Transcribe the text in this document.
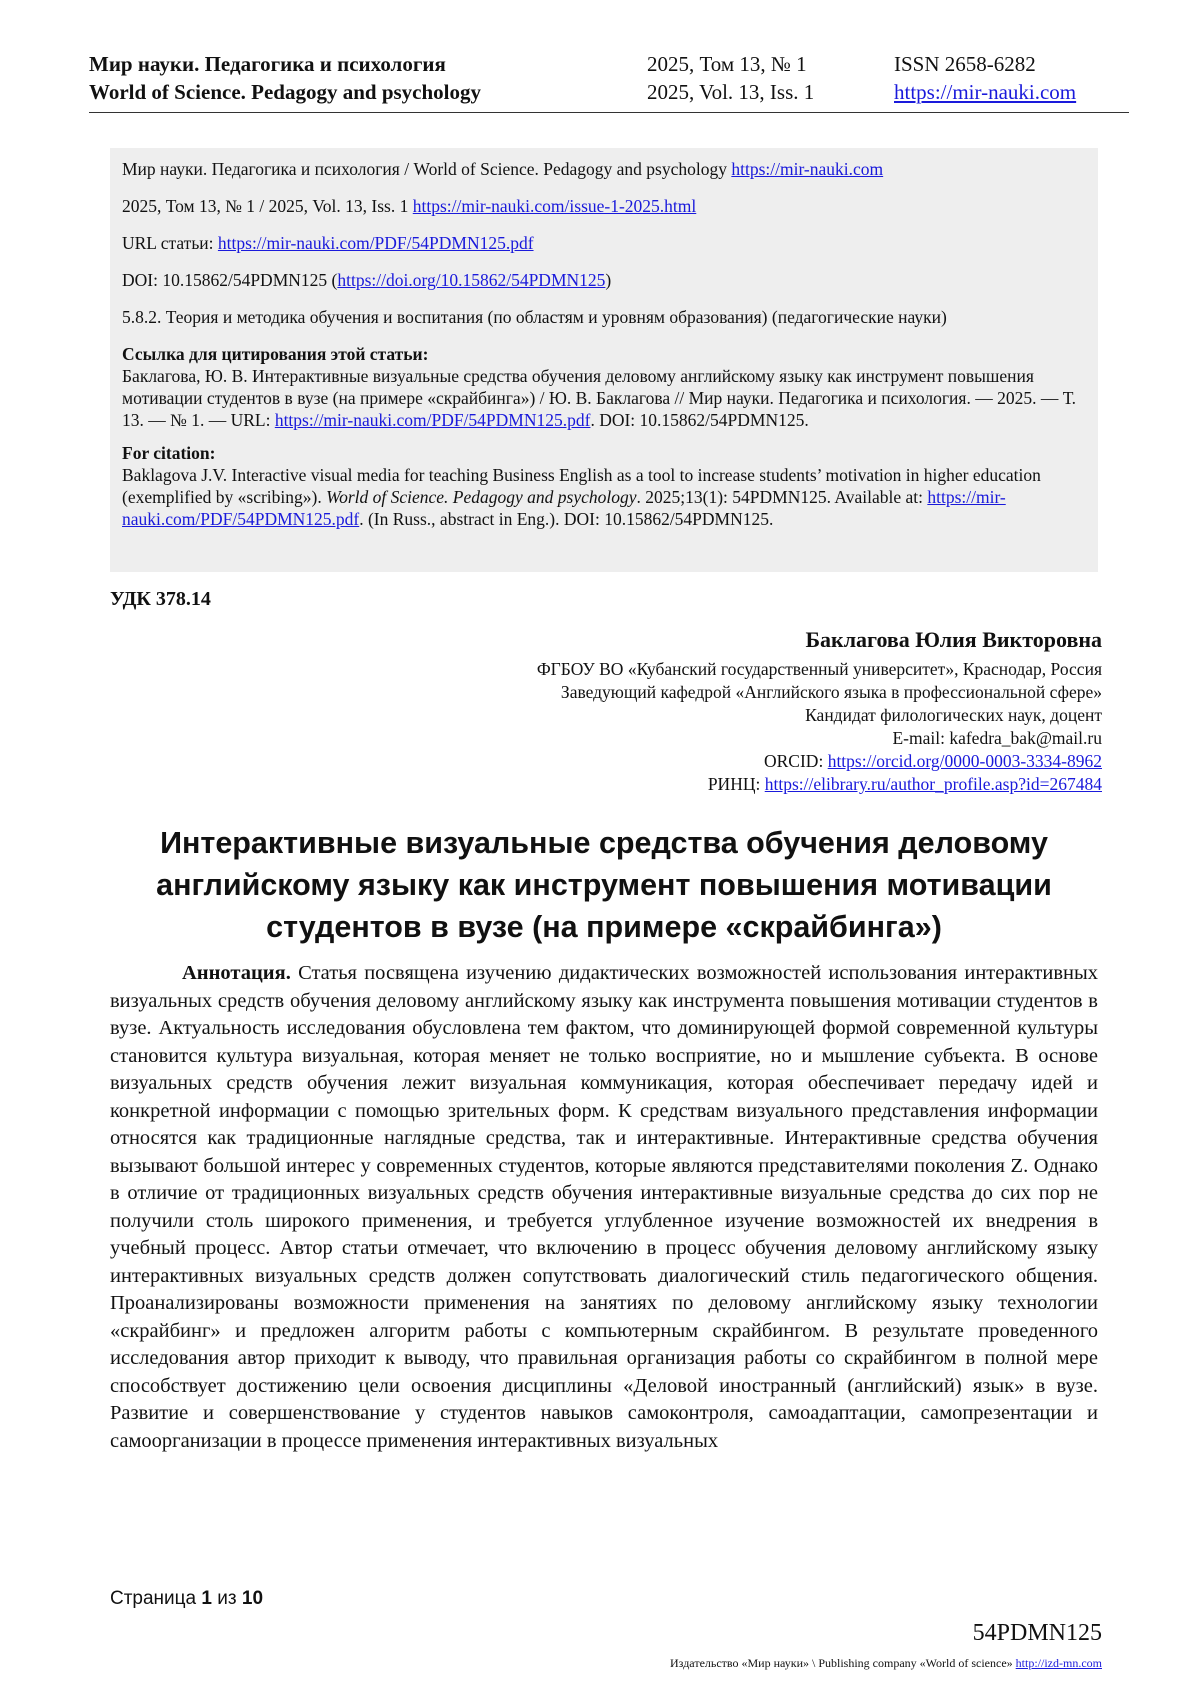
Мир науки. Педагогика и психология
World of Science. Pedagogy and psychology
2025, Том 13, № 1
2025, Vol. 13, Iss. 1
ISSN 2658-6282
https://mir-nauki.com

Мир науки. Педагогика и психология / World of Science. Pedagogy and psychology https://mir-nauki.com

2025, Том 13, № 1 / 2025, Vol. 13, Iss. 1 https://mir-nauki.com/issue-1-2025.html

URL статьи: https://mir-nauki.com/PDF/54PDMN125.pdf

DOI: 10.15862/54PDMN125 (https://doi.org/10.15862/54PDMN125)

5.8.2. Теория и методика обучения и воспитания (по областям и уровням образования) (педагогические науки)

Ссылка для цитирования этой статьи:
Баклагова, Ю. В. Интерактивные визуальные средства обучения деловому английскому языку как инструмент повышения мотивации студентов в вузе (на примере «скрайбинга») / Ю. В. Баклагова // Мир науки. Педагогика и психология. — 2025. — Т. 13. — № 1. — URL: https://mir-nauki.com/PDF/54PDMN125.pdf. DOI: 10.15862/54PDMN125.

For citation:
Baklagova J.V. Interactive visual media for teaching Business English as a tool to increase students’ motivation in higher education (exemplified by «scribing»). World of Science. Pedagogy and psychology. 2025;13(1): 54PDMN125. Available at: https://mir-nauki.com/PDF/54PDMN125.pdf. (In Russ., abstract in Eng.). DOI: 10.15862/54PDMN125.

УДК 378.14
Баклагова Юлия Викторовна
ФГБОУ ВО «Кубанский государственный университет», Краснодар, Россия
Заведующий кафедрой «Английского языка в профессиональной сфере»
Кандидат филологических наук, доцент
E-mail: kafedra_bak@mail.ru
ORCID: https://orcid.org/0000-0003-3334-8962
РИНЦ: https://elibrary.ru/author_profile.asp?id=267484
Интерактивные визуальные средства обучения деловому английскому языку как инструмент повышения мотивации студентов в вузе (на примере «скрайбинга»)
Аннотация. Статья посвящена изучению дидактических возможностей использования интерактивных визуальных средств обучения деловому английскому языку как инструмента повышения мотивации студентов в вузе. Актуальность исследования обусловлена тем фактом, что доминирующей формой современной культуры становится культура визуальная, которая меняет не только восприятие, но и мышление субъекта. В основе визуальных средств обучения лежит визуальная коммуникация, которая обеспечивает передачу идей и конкретной информации с помощью зрительных форм. К средствам визуального представления информации относятся как традиционные наглядные средства, так и интерактивные. Интерактивные средства обучения вызывают большой интерес у современных студентов, которые являются представителями поколения Z. Однако в отличие от традиционных визуальных средств обучения интерактивные визуальные средства до сих пор не получили столь широкого применения, и требуется углубленное изучение возможностей их внедрения в учебный процесс. Автор статьи отмечает, что включению в процесс обучения деловому английскому языку интерактивных визуальных средств должен сопутствовать диалогический стиль педагогического общения. Проанализированы возможности применения на занятиях по деловому английскому языку технологии «скрайбинг» и предложен алгоритм работы с компьютерным скрайбингом. В результате проведенного исследования автор приходит к выводу, что правильная организация работы со скрайбингом в полной мере способствует достижению цели освоения дисциплины «Деловой иностранный (английский) язык» в вузе. Развитие и совершенствование у студентов навыков самоконтроля, самоадаптации, самопрезентации и самоорганизации в процессе применения интерактивных визуальных
Страница 1 из 10
54PDMN125
Издательство «Мир науки» \ Publishing company «World of science» http://izd-mn.com
